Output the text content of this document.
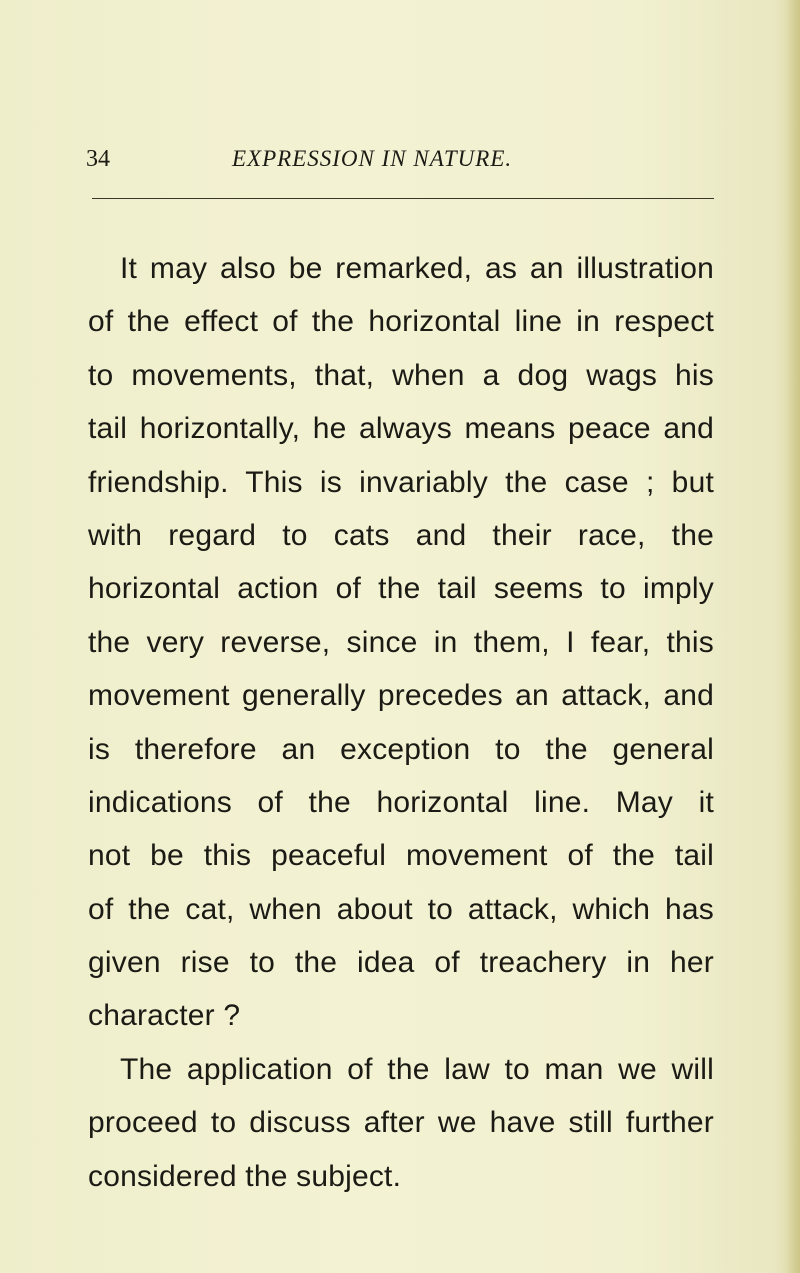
34	EXPRESSION IN NATURE.
It may also be remarked, as an illustration
of the effect of the horizontal line in respect
to movements, that, when a dog wags his
tail horizontally, he always means peace and
friendship. This is invariably the case ; but
with regard to cats and their race, the
horizontal action of the tail seems to imply
the very reverse, since in them, I fear, this
movement generally precedes an attack, and
is therefore an exception to the general
indications of the horizontal line. May it
not be this peaceful movement of the tail
of the cat, when about to attack, which has
given rise to the idea of treachery in her
character ?
The application of the law to man we will
proceed to discuss after we have still further
considered the subject.
